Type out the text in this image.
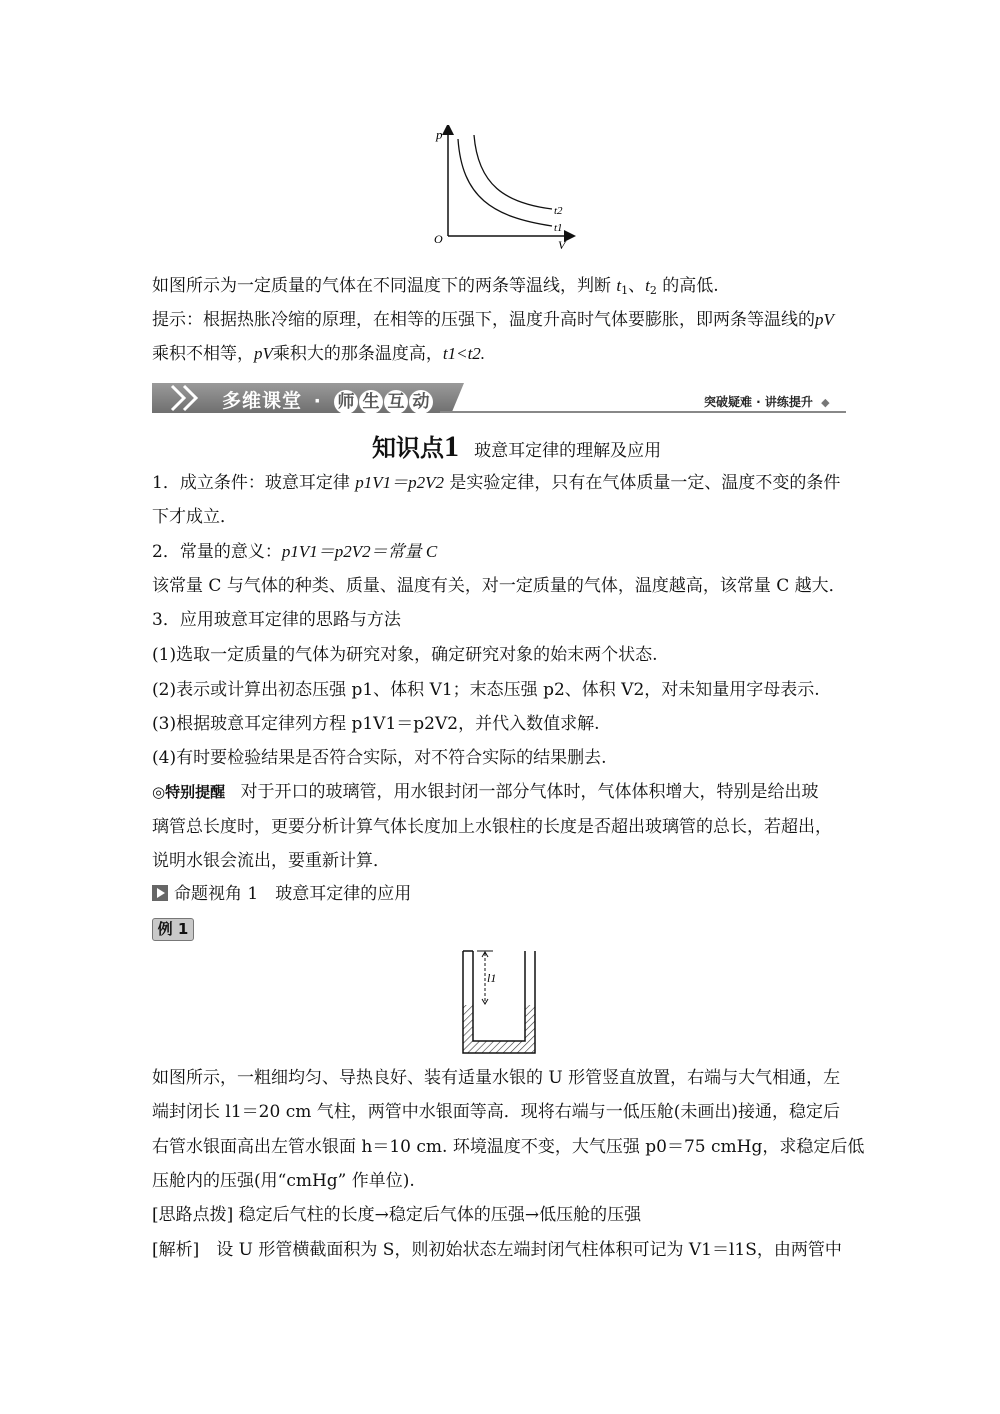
p
V
O
t2
t1
如图所示为一定质量的气体在不同温度下的两条等温线，判断 $t_1$、$t_2$ 的高低.
提示：根据热胀冷缩的原理，在相等的压强下，温度升高时气体要膨胀，即两条等温线的pV
乘积不相等，pV乘积大的那条温度高，t1<t2.
多维课堂 · 师 生 互 动	突破疑难 · 讲练提升 ◆
知识点1 玻意耳定律的理解及应用
1．成立条件：玻意耳定律 p1V1＝p2V2 是实验定律，只有在气体质量一定、温度不变的条件
下才成立．
2．常量的意义：p1V1＝p2V2＝常量 C
该常量 C 与气体的种类、质量、温度有关，对一定质量的气体，温度越高，该常量 C 越大．
3．应用玻意耳定律的思路与方法
(1)选取一定质量的气体为研究对象，确定研究对象的始末两个状态.
(2)表示或计算出初态压强 p1、体积 V1；末态压强 p2、体积 V2，对未知量用字母表示.
(3)根据玻意耳定律列方程 p1V1＝p2V2，并代入数值求解.
(4)有时要检验结果是否符合实际，对不符合实际的结果删去.
◎特别提醒 对于开口的玻璃管，用水银封闭一部分气体时，气体体积增大，特别是给出玻
璃管总长度时，更要分析计算气体长度加上水银柱的长度是否超出玻璃管的总长，若超出，
说明水银会流出，要重新计算．
命题视角 1　玻意耳定律的应用
例 1
l1
如图所示，一粗细均匀、导热良好、装有适量水银的 U 形管竖直放置，右端与大气相通，左
端封闭长 l1＝20 cm 气柱，两管中水银面等高．现将右端与一低压舱(未画出)接通，稳定后
右管水银面高出左管水银面 h＝10 cm. 环境温度不变，大气压强 p0＝75 cmHg，求稳定后低
压舱内的压强(用“cmHg” 作单位).
[思路点拨] 稳定后气柱的长度→稳定后气体的压强→低压舱的压强
[解析]　设 U 形管横截面积为 S，则初始状态左端封闭气柱体积可记为 V1＝l1S，由两管中
